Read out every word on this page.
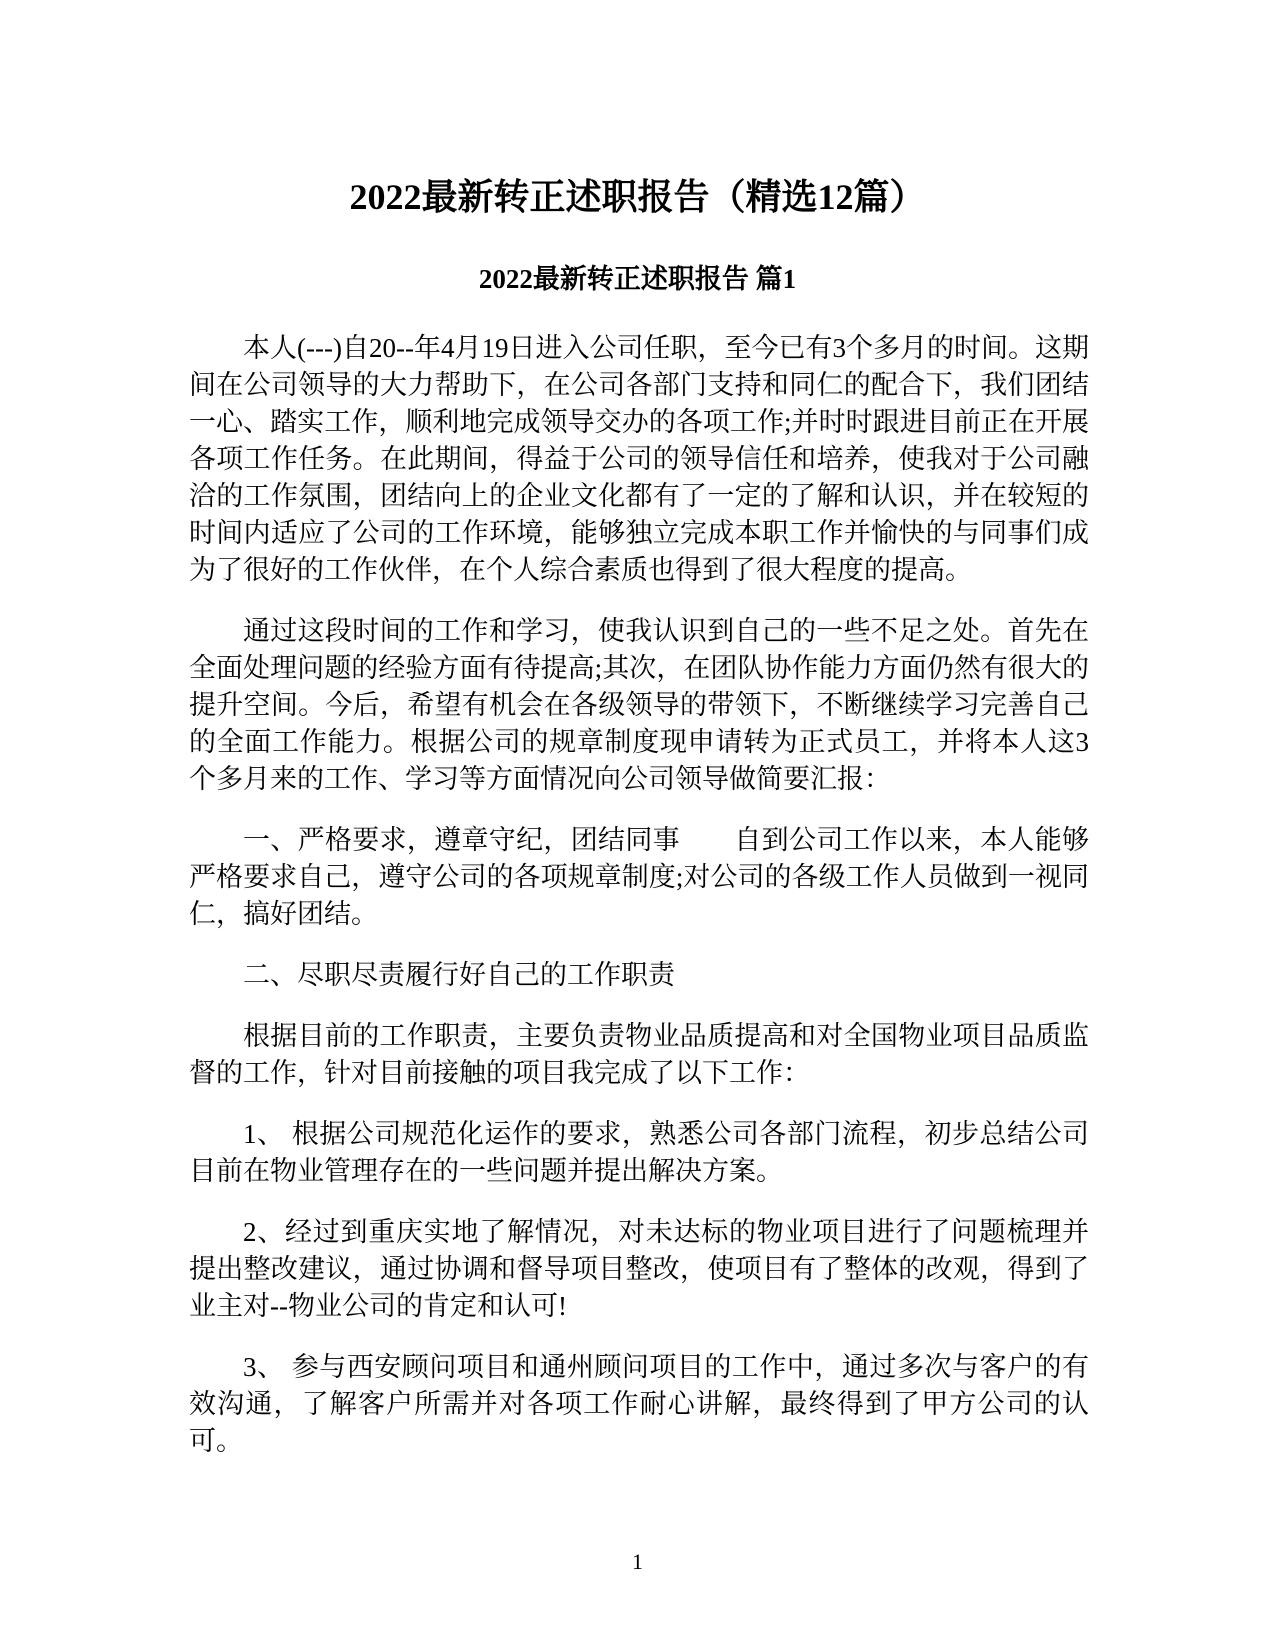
2022最新转正述职报告（精选12篇）
2022最新转正述职报告 篇1

本人(---)自20--年4月19日进入公司任职，至今已有3个多月的时间。这期间在公司领导的大力帮助下，在公司各部门支持和同仁的配合下，我们团结一心、踏实工作，顺利地完成领导交办的各项工作;并时时跟进目前正在开展各项工作任务。在此期间，得益于公司的领导信任和培养，使我对于公司融洽的工作氛围，团结向上的企业文化都有了一定的了解和认识，并在较短的时间内适应了公司的工作环境，能够独立完成本职工作并愉快的与同事们成为了很好的工作伙伴，在个人综合素质也得到了很大程度的提高。

通过这段时间的工作和学习，使我认识到自己的一些不足之处。首先在全面处理问题的经验方面有待提高;其次，在团队协作能力方面仍然有很大的提升空间。今后，希望有机会在各级领导的带领下，不断继续学习完善自己的全面工作能力。根据公司的规章制度现申请转为正式员工，并将本人这3个多月来的工作、学习等方面情况向公司领导做简要汇报：

一、严格要求，遵章守纪，团结同事 自到公司工作以来，本人能够严格要求自己，遵守公司的各项规章制度;对公司的各级工作人员做到一视同仁，搞好团结。

二、尽职尽责履行好自己的工作职责

根据目前的工作职责，主要负责物业品质提高和对全国物业项目品质监督的工作，针对目前接触的项目我完成了以下工作：

1、 根据公司规范化运作的要求，熟悉公司各部门流程，初步总结公司目前在物业管理存在的一些问题并提出解决方案。

2、经过到重庆实地了解情况，对未达标的物业项目进行了问题梳理并提出整改建议，通过协调和督导项目整改，使项目有了整体的改观，得到了业主对--物业公司的肯定和认可!

3、 参与西安顾问项目和通州顾问项目的工作中，通过多次与客户的有效沟通，了解客户所需并对各项工作耐心讲解，最终得到了甲方公司的认可。

1
